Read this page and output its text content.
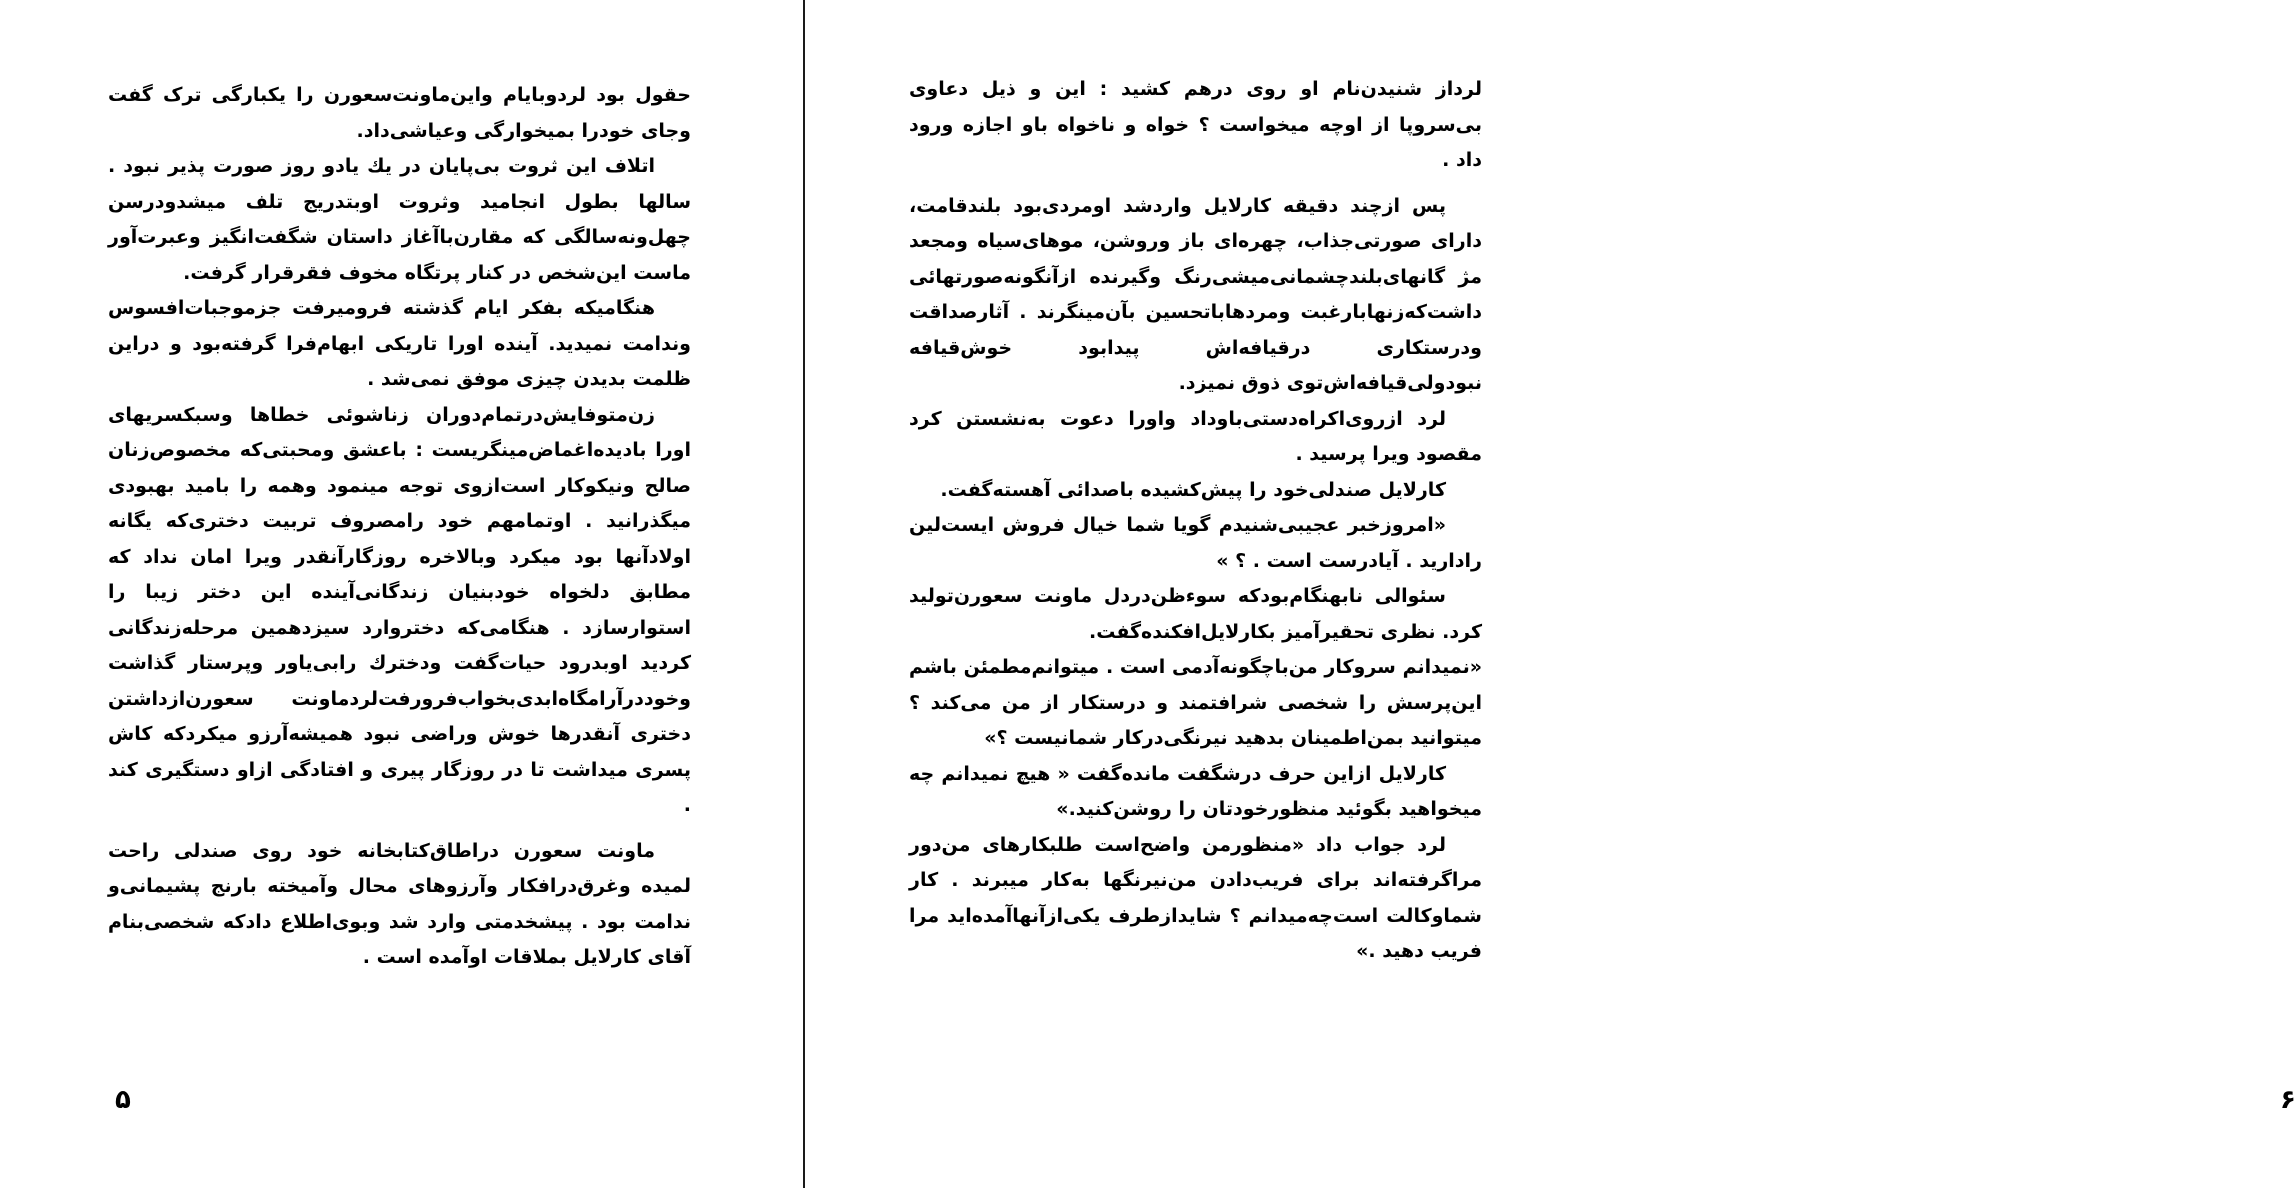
حقول بود لردوبایام واین‌ماونت‌سعورن را یکبارگی ترک گفت وجای خودرا بمیخوارگی وعیاشی‌داد.

اتلاف این ثروت بی‌پایان در یك یادو روز صورت پذیر نبود . سالها بطول انجامید وثروت اوبتدریج تلف میشدودرسن چهل‌ونه‌سالگی که مقارن‌باآغاز داستان شگفت‌انگیز وعبرت‌آور ماست این‌شخص در کنار پرتگاه مخوف فقرقرار گرفت.

هنگامیکه بفکر ایام گذشته فرومیرفت جزموجبات‌افسوس وندامت نمیدید. آینده اورا تاریکی ابهام‌فرا گرفته‌بود و دراین ظلمت بدیدن چیزی موفق نمی‌شد .

زن‌متوفایش‌درتمام‌دوران زناشوئی خطاها وسبکسریهای اورا بادیده‌اغماض‌مینگریست : باعشق ومحبتی‌که مخصوص‌زنان صالح ونیکوکار است‌ازوی توجه مینمود وهمه را بامید بهبودی میگذرانید . اوتمامهم خود رامصروف تربیت دختری‌که یگانه اولادآنها بود میکرد وبالاخره روزگارآنقدر ویرا امان نداد که مطابق دلخواه خودبنیان زندگانی‌آینده این دختر زیبا را استوارسازد . هنگامی‌که دختروارد سیزدهمین مرحله‌زندگانی کردید اوبدرود حیات‌گفت ودخترك رابی‌یاور وپرستار گذاشت وخوددرآرامگاه‌ابدی‌بخواب‌فرورفت‌لردماونت سعورن‌ازداشتن دختری آنقدرها خوش وراضی نبود همیشه‌آرزو میکردکه کاش پسری میداشت تا در روزگار پیری و افتادگی ازاو دستگیری کند .

ماونت سعورن دراطاق‌کتابخانه خود روی صندلی راحت لمیده وغرق‌درافکار وآرزوهای محال وآمیخته بارنج پشیمانی‌و ندامت بود . پیشخدمتی وارد شد وبوی‌اطلاع دادکه شخصی‌بنام آقای کارلایل بملاقات اوآمده است .

۵

لرداز شنیدن‌نام او روی درهم کشید : این و ذیل دعاوی بی‌سروپا از اوچه میخواست ؟ خواه و ناخواه باو اجازه ورود داد .

پس ازچند دقیقه کارلایل واردشد اومردی‌بود بلندقامت، دارای صورتی‌جذاب، چهره‌ای باز وروشن، موهای‌سیاه ومجعد مژ گانهای‌بلندچشمانی‌میشی‌رنگ وگیرنده ازآنگونه‌صورتهائی داشت‌کەزنهابارغبت ومردهاباتحسین بآن‌مینگرند . آثارصداقت ودرستکاری درقیافه‌اش پیدابود خوش‌قیافه نبودولی‌قیافه‌اش‌توی ذوق نمیزد.

لرد ازروی‌اکراه‌دستی‌باوداد واورا دعوت به‌نشستن کرد مقصود ویرا پرسید .

کارلایل صندلی‌خود را پیش‌کشیده باصدائی آهسته‌گفت.

«امروزخبر عجیبی‌شنیدم گویا شما خیال فروش ایست‌لین رادارید . آیادرست است . ؟ »

سئوالی نابهنگام‌بودکه سوءظن‌دردل ماونت سعورن‌تولید کرد. نظری تحقیرآمیز بکارلایل‌افکنده‌گفت.

«نمیدانم سروکار من‌باچگونه‌آدمی است . میتوانم‌مطمئن باشم این‌پرسش را شخصی شرافتمند و درستکار از من می‌کند ؟ میتوانید بمن‌اطمینان بدهید نیرنگی‌درکار شمانیست ؟»

کارلایل ازاین حرف درشگفت مانده‌گفت « هیچ نمیدانم چه میخواهید بگوئید منظورخودتان را روشن‌کنید.»

لرد جواب داد «منظورمن واضح‌است طلبکارهای من‌دور مراگرفته‌اند برای فریب‌دادن من‌نیرنگها به‌کار میبرند . کار شماوکالت است‌چه‌میدانم ؟ شایدازطرف یکی‌ازآنهاآمده‌اید مرا فریب دهید .»

۶
